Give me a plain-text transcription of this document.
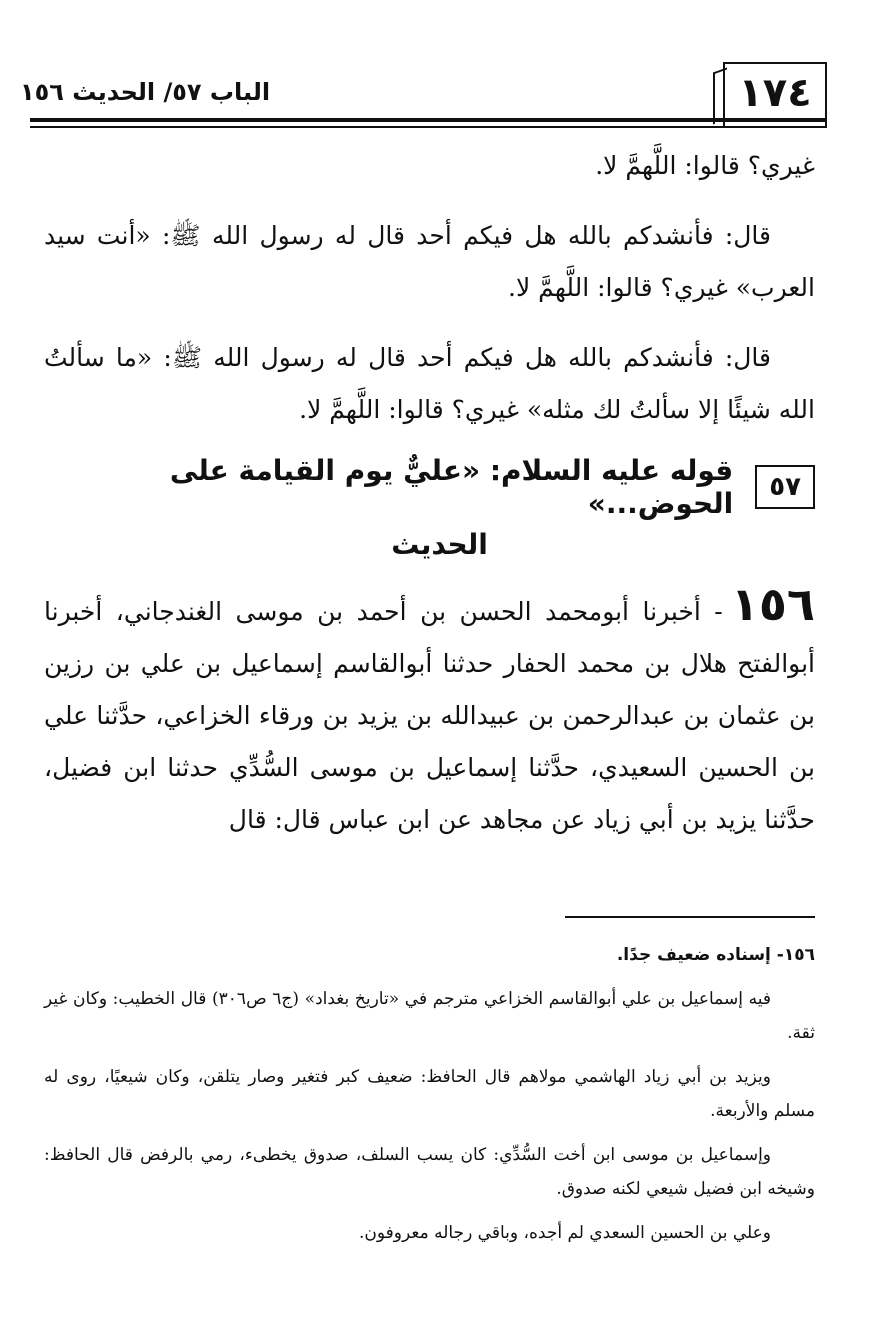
١٧٤
الباب ٥٧/ الحديث ١٥٦

غيري؟ قالوا: اللَّهمَّ لا.

قال: فأنشدكم بالله هل فيكم أحد قال له رسول الله ﷺ: «أنت سيد العرب» غيري؟ قالوا: اللَّهمَّ لا.

قال: فأنشدكم بالله هل فيكم أحد قال له رسول الله ﷺ: «ما سألتُ الله شيئًا إلا سألتُ لك مثله» غيري؟ قالوا: اللَّهمَّ لا.

٥٧
قوله عليه السلام: «عليٌّ يوم القيامة على الحوض...»
الحديث

١٥٦- أخبرنا أبومحمد الحسن بن أحمد بن موسى الغندجاني، أخبرنا أبوالفتح هلال بن محمد الحفار حدثنا أبوالقاسم إسماعيل بن علي بن رزين بن عثمان بن عبدالرحمن بن عبيدالله بن يزيد بن ورقاء الخزاعي، حدَّثنا علي بن الحسين السعيدي، حدَّثنا إسماعيل بن موسى السُّدِّي حدثنا ابن فضيل، حدَّثنا يزيد بن أبي زياد عن مجاهد عن ابن عباس قال: قال

١٥٦- إسناده ضعيف جدًا.

فيه إسماعيل بن علي أبوالقاسم الخزاعي مترجم في «تاريخ بغداد» (ج٦ ص٣٠٦) قال الخطيب: وكان غير ثقة.

ويزيد بن أبي زياد الهاشمي مولاهم قال الحافظ: ضعيف كبر فتغير وصار يتلقن، وكان شيعيًا، روى له مسلم والأربعة.

وإسماعيل بن موسى ابن أخت السُّدِّي: كان يسب السلف، صدوق يخطىء، رمي بالرفض قال الحافظ: وشيخه ابن فضيل شيعي لكنه صدوق.

وعلي بن الحسين السعدي لم أجده، وباقي رجاله معروفون.
